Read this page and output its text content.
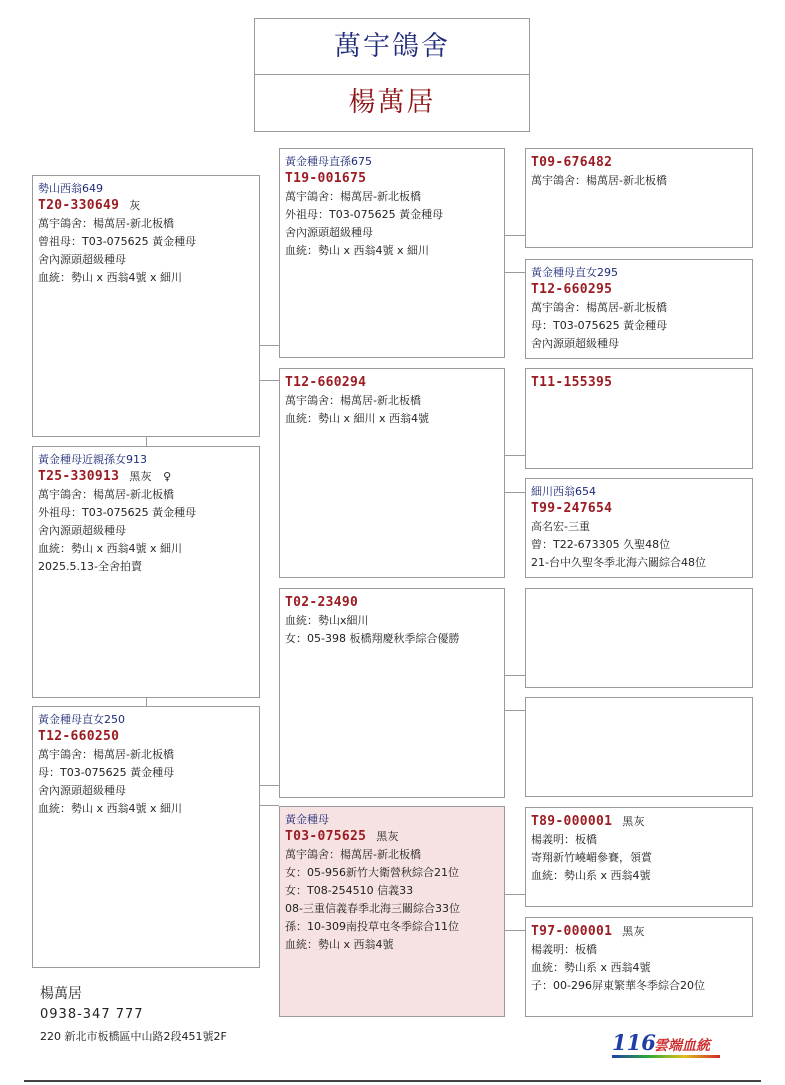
萬宇鴿舍
楊萬居
勢山西翁649
T20-330649 灰
萬宇鴿舍：楊萬居-新北板橋
曾祖母：T03-075625 黃金種母
舍內源頭超級種母
血統：勢山 x 西翁4號 x 細川
黃金種母近親孫女913
T25-330913 黑灰　♀
萬宇鴿舍：楊萬居-新北板橋
外祖母：T03-075625 黃金種母
舍內源頭超級種母
血統：勢山 x 西翁4號 x 細川
2025.5.13-全舍拍賣
黃金種母直女250
T12-660250
萬宇鴿舍：楊萬居-新北板橋
母：T03-075625 黃金種母
舍內源頭超級種母
血統：勢山 x 西翁4號 x 細川
黃金種母直孫675
T19-001675
萬宇鴿舍：楊萬居-新北板橋
外祖母：T03-075625 黃金種母
舍內源頭超級種母
血統：勢山 x 西翁4號 x 細川
T12-660294
萬宇鴿舍：楊萬居-新北板橋
血統：勢山 x 細川 x 西翁4號
T02-23490
血統：勢山x細川
女：05-398 板橋翔慶秋季綜合優勝
黃金種母
T03-075625 黑灰
萬宇鴿舍：楊萬居-新北板橋
女：05-956新竹大衛營秋綜合21位
女：T08-254510 信義33
08-三重信義春季北海三關綜合33位
孫：10-309南投草屯冬季綜合11位
血統：勢山 x 西翁4號
T09-676482
萬宇鴿舍：楊萬居-新北板橋
黃金種母直女295
T12-660295
萬宇鴿舍：楊萬居-新北板橋
母：T03-075625 黃金種母
舍內源頭超級種母
T11-155395
細川西翁654
T99-247654
高名宏-三重
曾：T22-673305 久聖48位
21-台中久聖冬季北海六關綜合48位
T89-000001 黑灰
楊義明：板橋
寄翔新竹嶢嵋參賽，領賞
血統：勢山系 x 西翁4號
T97-000001 黑灰
楊義明：板橋
血統：勢山系 x 西翁4號
子：00-296屏東繁華冬季綜合20位
楊萬居
0938-347 777
220 新北市板橋區中山路2段451號2F	116
雲端血統
